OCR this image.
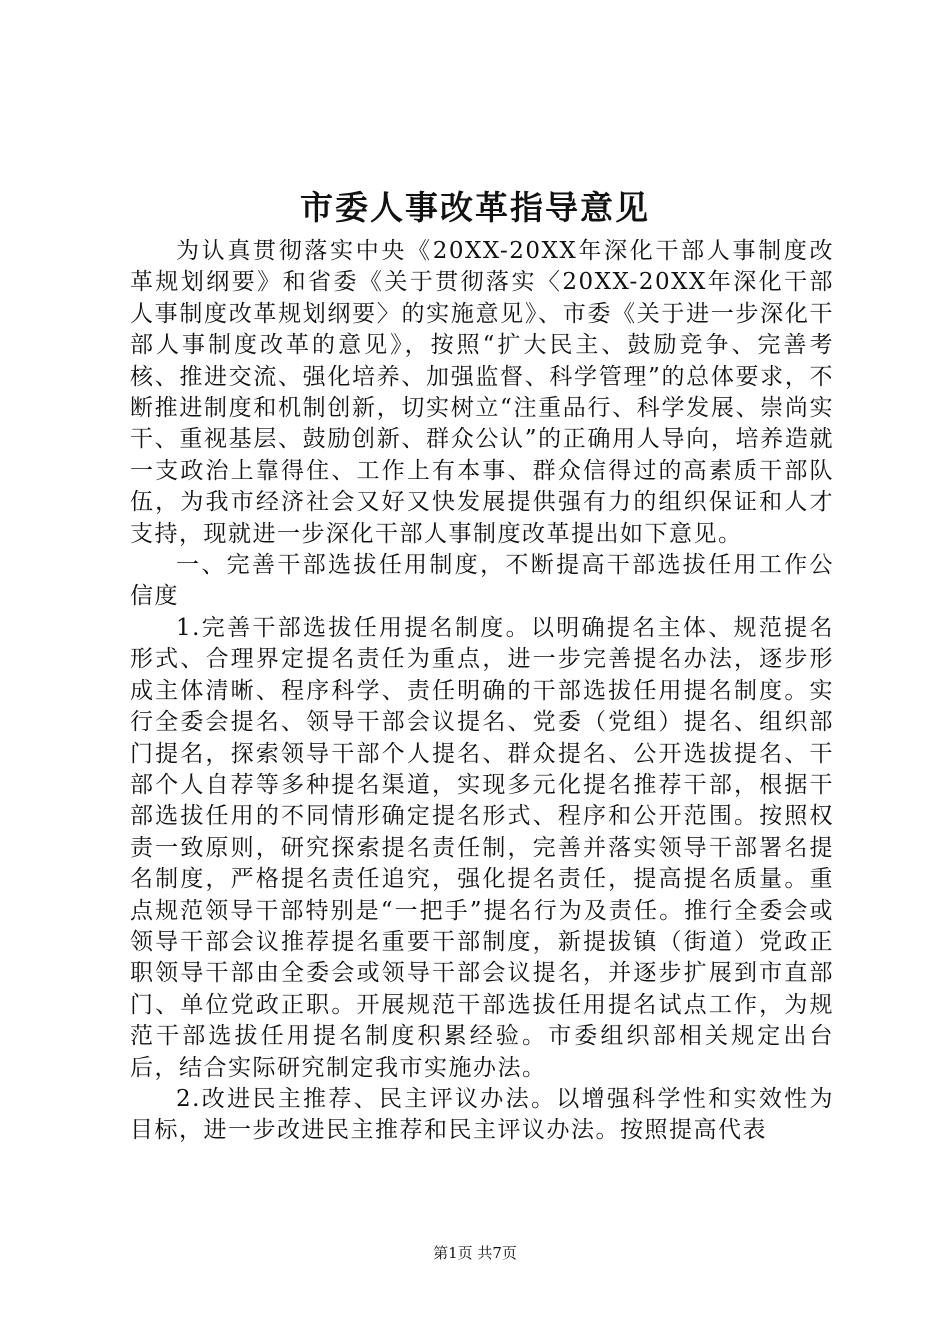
市委人事改革指导意见

为认真贯彻落实中央《20XX-20XX年深化干部人事制度改革规划纲要》和省委《关于贯彻落实〈20XX-20XX年深化干部人事制度改革规划纲要〉的实施意见》、市委《关于进一步深化干部人事制度改革的意见》，按照“扩大民主、鼓励竞争、完善考核、推进交流、强化培养、加强监督、科学管理”的总体要求，不断推进制度和机制创新，切实树立“注重品行、科学发展、崇尚实干、重视基层、鼓励创新、群众公认”的正确用人导向，培养造就一支政治上靠得住、工作上有本事、群众信得过的高素质干部队伍，为我市经济社会又好又快发展提供强有力的组织保证和人才支持，现就进一步深化干部人事制度改革提出如下意见。

一、完善干部选拔任用制度，不断提高干部选拔任用工作公信度

1.完善干部选拔任用提名制度。以明确提名主体、规范提名形式、合理界定提名责任为重点，进一步完善提名办法，逐步形成主体清晰、程序科学、责任明确的干部选拔任用提名制度。实行全委会提名、领导干部会议提名、党委（党组）提名、组织部门提名，探索领导干部个人提名、群众提名、公开选拔提名、干部个人自荐等多种提名渠道，实现多元化提名推荐干部，根据干部选拔任用的不同情形确定提名形式、程序和公开范围。按照权责一致原则，研究探索提名责任制，完善并落实领导干部署名提名制度，严格提名责任追究，强化提名责任，提高提名质量。重点规范领导干部特别是“一把手”提名行为及责任。推行全委会或领导干部会议推荐提名重要干部制度，新提拔镇（街道）党政正职领导干部由全委会或领导干部会议提名，并逐步扩展到市直部门、单位党政正职。开展规范干部选拔任用提名试点工作，为规范干部选拔任用提名制度积累经验。市委组织部相关规定出台后，结合实际研究制定我市实施办法。

2.改进民主推荐、民主评议办法。以增强科学性和实效性为目标，进一步改进民主推荐和民主评议办法。按照提高代表

第1页 共7页
